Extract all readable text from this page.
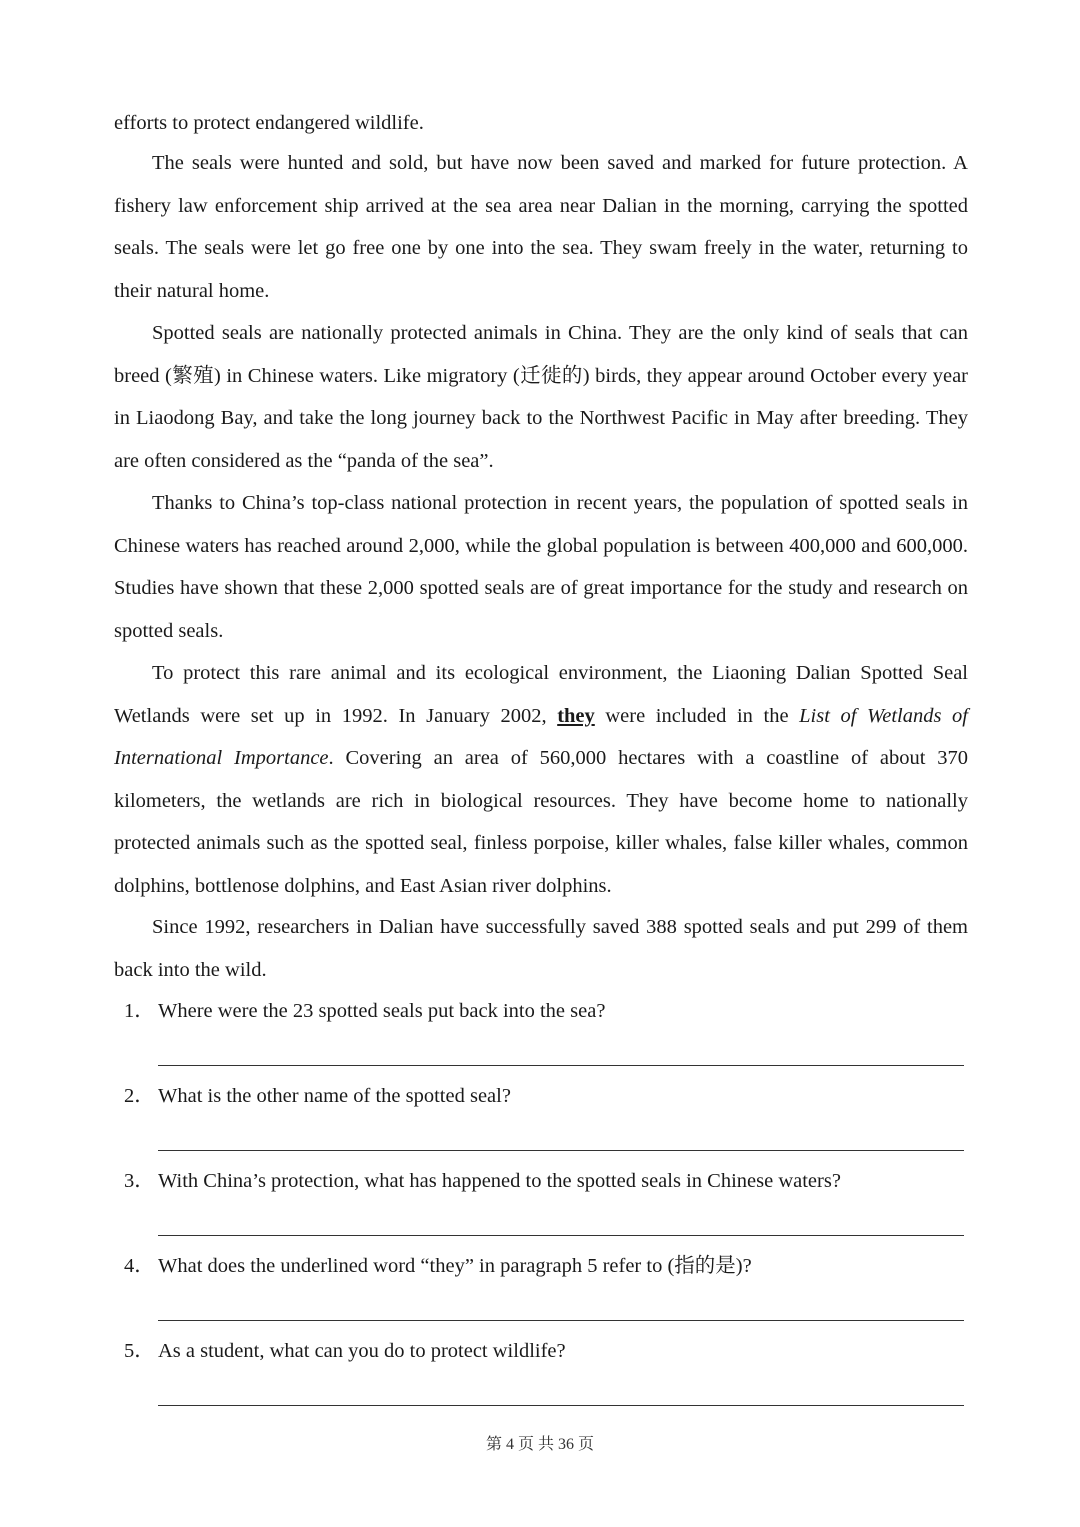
efforts to protect endangered wildlife.

The seals were hunted and sold, but have now been saved and marked for future protection. A fishery law enforcement ship arrived at the sea area near Dalian in the morning, carrying the spotted seals. The seals were let go free one by one into the sea. They swam freely in the water, returning to their natural home.

Spotted seals are nationally protected animals in China. They are the only kind of seals that can breed (繁殖) in Chinese waters. Like migratory (迁徙的) birds, they appear around October every year in Liaodong Bay, and take the long journey back to the Northwest Pacific in May after breeding. They are often considered as the “panda of the sea”.

Thanks to China’s top-class national protection in recent years, the population of spotted seals in Chinese waters has reached around 2,000, while the global population is between 400,000 and 600,000. Studies have shown that these 2,000 spotted seals are of great importance for the study and research on spotted seals.

To protect this rare animal and its ecological environment, the Liaoning Dalian Spotted Seal Wetlands were set up in 1992. In January 2002, they were included in the List of Wetlands of International Importance. Covering an area of 560,000 hectares with a coastline of about 370 kilometers, the wetlands are rich in biological resources. They have become home to nationally protected animals such as the spotted seal, finless porpoise, killer whales, false killer whales, common dolphins, bottlenose dolphins, and East Asian river dolphins.

Since 1992, researchers in Dalian have successfully saved 388 spotted seals and put 299 of them back into the wild.

1． Where were the 23 spotted seals put back into the sea?

2． What is the other name of the spotted seal?

3． With China’s protection, what has happened to the spotted seals in Chinese waters?

4． What does the underlined word “they” in paragraph 5 refer to (指的是)?

5． As a student, what can you do to protect wildlife?

第 4 页 共 36 页
